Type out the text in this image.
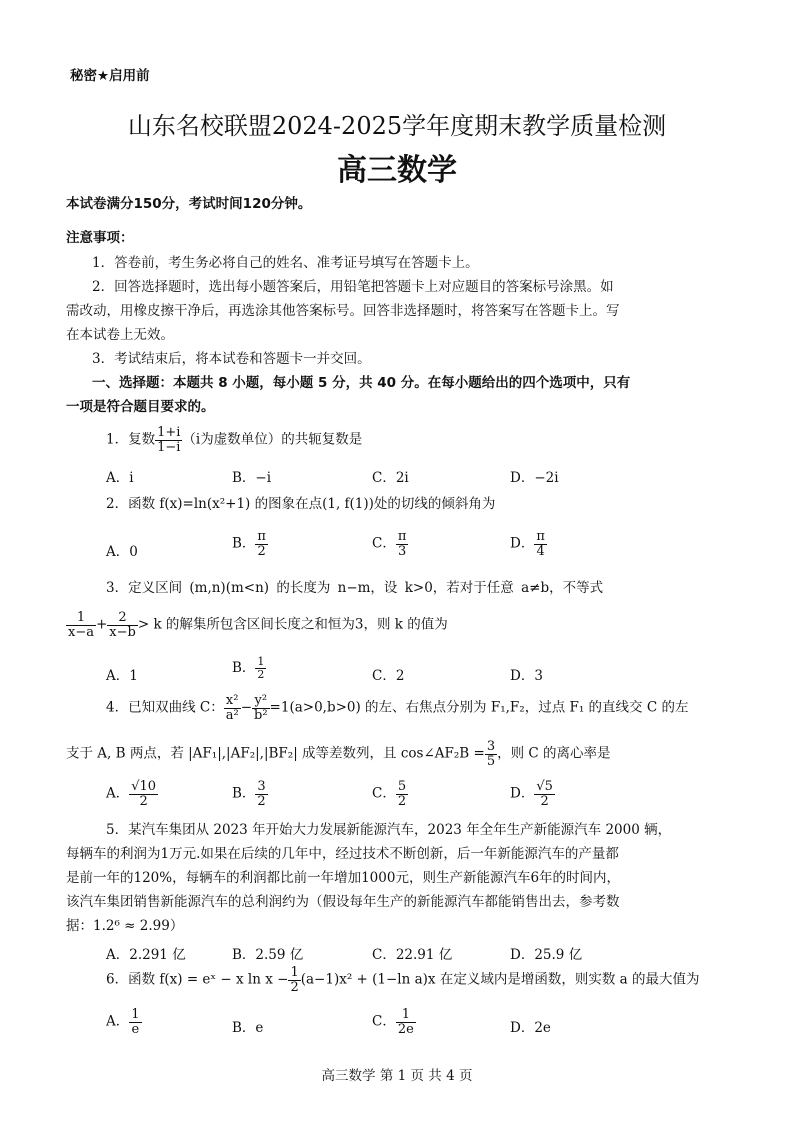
秘密★启用前
山东名校联盟2024-2025学年度期末教学质量检测
高三数学
本试卷满分150分，考试时间120分钟。
注意事项：
1．答卷前，考生务必将自己的姓名、准考证号填写在答题卡上。
2．回答选择题时，选出每小题答案后，用铅笔把答题卡上对应题目的答案标号涂黑。如
需改动，用橡皮擦干净后，再选涂其他答案标号。回答非选择题时，将答案写在答题卡上。写
在本试卷上无效。
3．考试结束后，将本试卷和答题卡一并交回。
一、选择题：本题共 8 小题，每小题 5 分，共 40 分。在每小题给出的四个选项中，只有
一项是符合题目要求的。
1．复数 $\frac{1+i}{1-i} (i$为虚数单位）的共轭复数是
A．i	B．−i	C．2i	D．−2i
2．函数 f(x)=ln(x²+1) 的图象在点(1, f(1))处的切线的倾斜角为
A．0
B． $\frac{\pi}{2}$	C． $\frac{\pi}{3}$	D． $\frac{\pi}{4}$
3．定义区间 (m,n)(m<n) 的长度为 n−m，设 k>0，若对于任意 a≠b，不等式
$\frac{1}{x-a} + \frac{2}{x-b} > k$ 的解集所包含区间长度之和恒为3，则 k 的值为
A．1	B． $\frac{1}{2}$	C．2	D．3
4．已知双曲线 C： $\frac{\text{x²}}{\text{a²}} - \frac{\text{y²}}{\text{b²}} =1(a>0,b>0)$ 的左、右焦点分别为 F₁,F₂，过点 F₁ 的直线交 C 的左
支于 A, B 两点，若 |AF₁|,|AF₂|,|BF₂| 成等差数列，且 cos∠AF₂B = $\frac{3}{5}$ ，则 C 的离心率是
A． $\frac{√10}{2}$	B． $\frac{3}{2}$	C． $\frac{5}{2}$	D． $\frac{√5}{2}$
5．某汽车集团从 2023 年开始大力发展新能源汽车，2023 年全年生产新能源汽车 2000 辆，
每辆车的利润为1万元.如果在后续的几年中，经过技术不断创新，后一年新能源汽车的产量都
是前一年的120%，每辆车的利润都比前一年增加1000元，则生产新能源汽车6年的时间内，
该汽车集团销售新能源汽车的总利润约为（假设每年生产的新能源汽车都能销售出去，参考数
据：1.2⁶ ≈ 2.99）
A．2.291 亿	B．2.59 亿	C．22.91 亿	D．25.9 亿
6．函数 f(x) = eˣ − x $\ln x - \frac{1}{2} (a-1)x^2 + (1-\ln$ a)x 在定义域内是增函数，则实数 a 的最大值为
A． $\frac{1}{e}$	B．e	C． $\frac{1}{2e}$	D．2e
高三数学 第 1 页 共 4 页
